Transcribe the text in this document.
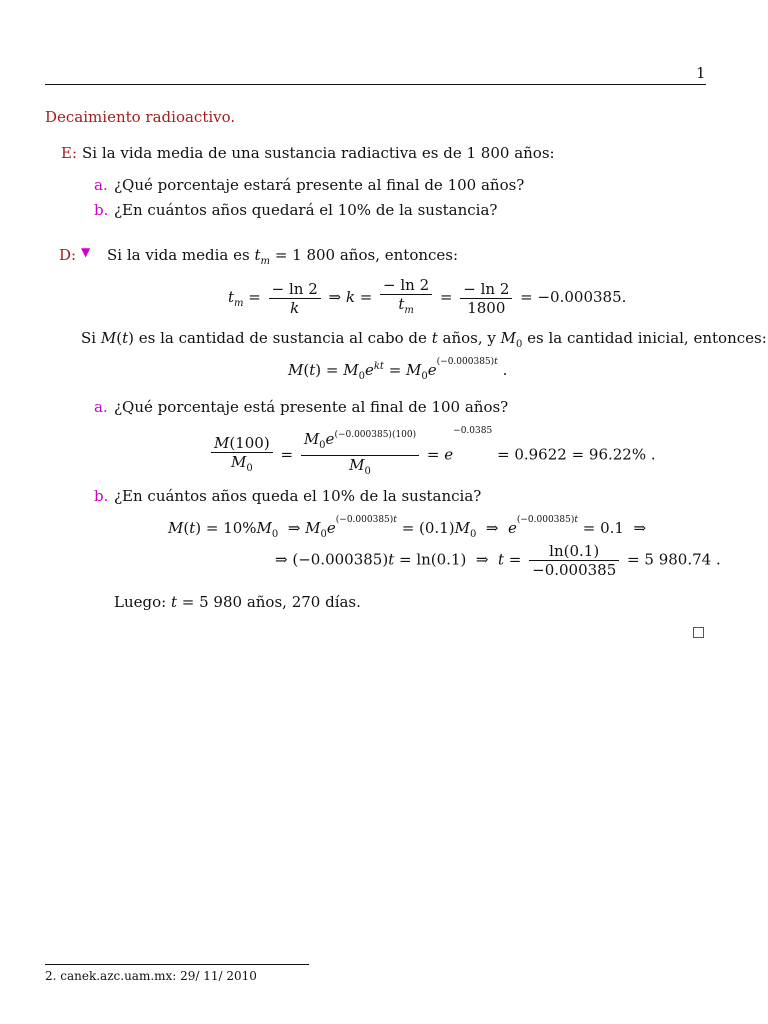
1
Decaimiento radioactivo.
E: Si la vida media de una sustancia radiactiva es de 1 800 años:
a. ¿Qué porcentaje estará presente al final de 100 años?
b. ¿En cuántos años quedará el 10% de la sustancia?
D: ▼ Si la vida media es $t_m = 1$ 800 años, entonces:
$t_m = \frac{- \ln 2}{k}$ ⇒ $k = \frac{- \ln 2}{t_m} = \frac{- \ln 2}{1800} = -0.000385$.
Si M(t) es la cantidad de sustancia al cabo de t años, y $M_0$ es la cantidad inicial, entonces:
$M(t) = M_0e^{kt} = M_0e^{(-0.000385)t}$ .
a. ¿Qué porcentaje está presente al final de 100 años?
$\frac{M(100)}{M_0} = \frac{M_0e^{(-0.000385)(100)}}{M_0} = e^{-0.0385} = 0.9622 = 96.22\%$ .
b. ¿En cuántos años queda el 10% de la sustancia?
$M(t) = 10\%M_0$  ⇒ $M_0e^{(-0.000385)t} = (0.1)M_0$  ⇒  $e^{(-0.000385)t} = 0.1$  ⇒
⇒ (−0.000385)t = ln(0.1)  ⇒  $t = \frac{\ln(0.1)}{-0.000385} = 5$ 980.74 .
Luego: t = 5 980 años, 270 días.
2. canek.azc.uam.mx: 29/ 11/ 2010
